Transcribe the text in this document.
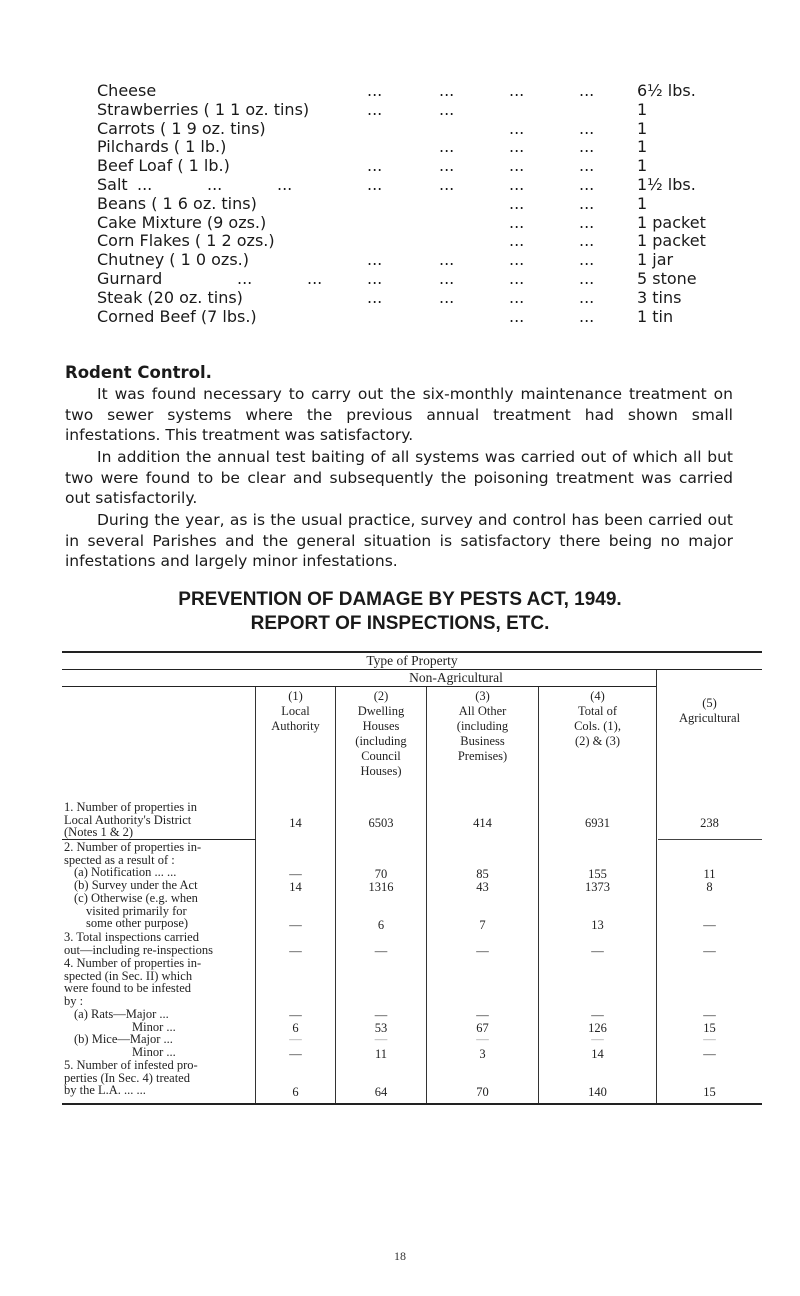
Cheese	...	...	...	...	6½ lbs.
Strawberries ( 1 1 oz. tins)	...	...	1
Carrots ( 1 9 oz. tins)	...	...	1
Pilchards ( 1 lb.)	...	...	...	1
Beef Loaf ( 1 lb.)	...	...	...	...	1
Salt ...	...	...	...	...	...	...	1½ lbs.
Beans ( 1 6 oz. tins)	...	...	1
Cake Mixture (9 ozs.)	...	...	1 packet
Corn Flakes ( 1 2 ozs.)	...	...	1 packet
Chutney ( 1 0 ozs.)	...	...	...	...	1 jar
Gurnard	...	...	...	...	...	...	5 stone
Steak (20 oz. tins)	...	...	...	...	3 tins
Corned Beef (7 lbs.)	...	...	1 tin
Rodent Control.

It was found necessary to carry out the six-monthly maintenance treatment on two sewer systems where the previous annual treatment had shown small infestations. This treatment was satisfactory.

In addition the annual test baiting of all systems was carried out of which all but two were found to be clear and subsequently the poisoning treatment was carried out satisfactorily.

During the year, as is the usual practice, survey and control has been carried out in several Parishes and the general situation is satisfactory there being no major infestations and largely minor infestations.

PREVENTION OF DAMAGE BY PESTS ACT, 1949.
REPORT OF INSPECTIONS, ETC.
Type of Property
Non-Agricultural
(1)
Local
Authority
(2)
Dwelling
Houses
(including
Council
Houses)
(3)
All Other
(including
Business
Premises)
(4)
Total of
Cols. (1),
(2) & (3)
(5)
Agricultural
1. Number of properties in
Local Authority's District
(Notes 1 & 2)
14	6503	414	6931	238
2. Number of properties in-
spected as a result of :
(a) Notification ... ...
(b) Survey under the Act
(c) Otherwise (e.g. when
visited primarily for
some other purpose)
—	70	85	155	11
14	1316	43	1373	8
—	6	7	13	—
3. Total inspections carried
out—including re-inspections	—	—	—	—	—
4. Number of properties in-
spected (in Sec. II) which
were found to be infested
by :
(a) Rats—Major ...
Minor ...
(b) Mice—Major ...
Minor ...
—	—	—	—	—
6	53	67	126	15
—	—	—	—	—
—	11	3	14	—
5. Number of infested pro-
perties (In Sec. 4) treated
by the L.A. ... ...	6	64	70	140	15
18
